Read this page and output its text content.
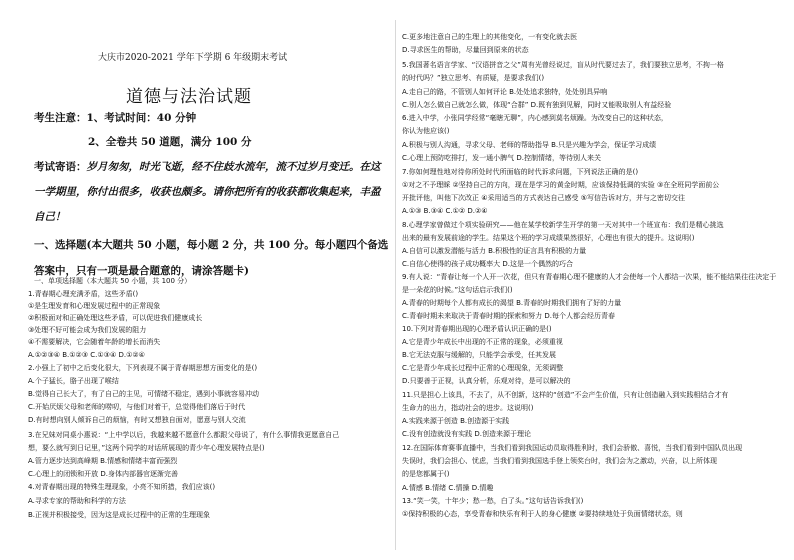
大庆市2020-2021 学年下学期 6 年级期末考试
道德与法治试题
考生注意：1、考试时间：40 分钟
2、全卷共 50 道题，满分 100 分
考试寄语：岁月匆匆，时光飞逝，经不住歧水流年，流不过岁月变迁。在这一学期里，你付出很多，收获也颇多。请你把所有的收获都收集起来，丰盈自己！
一、选择题(本大题共 50 小题，每小题 2 分，共 100 分。每小题四个备选答案中，只有一项是最合题意的，请涂答题卡)
一、单项选择题（本大题共 50 小题，共 100 分）
1.青春期心理充满矛盾，这些矛盾()
①是生理发育和心理发展过程中的正常现象
②积极面对和正确处理这些矛盾，可以促进我们健康成长
③处理不好可能会成为我们发展的阻力
④不需要解决，它会随着年龄的增长而消失
A.①②③④ B.①②③ C.①③④ D.①②④
2.小强上了初中之后变化很大，下列表现不属于青春期思想方面变化的是()
A.个子猛长，胳子出现了喉结
B.觉得自己长大了，有了自己的主见，可情绪不稳定，遇到小事就容易冲动
C.开始厌烦父母和老师的唠叨，与他们对着干，总觉得他们落后于时代
D.有时想向别人倾诉自己的烦恼，有时又想独自面对，愿意与别人交流
3.在兄妹对同桌小惠说：“上中学以后，我越来越不愿意什么都跟父母说了，有什么事情我更愿意自己
想，要么就写到日记里，”这两个同学的对话所展现的青少年心理发展特点是()
A.管力逐步达到高峰期 B.情感和情绪丰富而强烈
C.心理上的闭锁和开放 D.身体内部器官逐渐完善
4.对青春期出现的特殊生理现象，小亮不知所措，我们应该()
A.寻求专家的帮助和科学的方法
B.正视并积极接受，因为这是成长过程中的正常的生理现象
C.更多地注意自己的生理上的其他变化，一有变化就去医
D.寻求医生的帮助，尽量回到原来的状态
5.我国著名语言学家、“汉语拼音之父”周有光曾经说过，盲从时代要过去了，我们要独立思考，不拘一格
的时代吗？”独立思考、有质疑，是要求我们()
A.走自己的路，不管别人如何评论 B.处处追求独特，处处别具异响
C.别人怎么做自己就怎么做，体现“合群” D.既有独到见解，同时又能吸取别人有益经验
6.进入中学，小张同学经常“毫瞎无聊”，内心感到莫名烦躁。为改变自己的这种状态，
你认为他应该()
A.积极与别人沟通，寻求父母、老师的帮助指导 B.只是兴趣为学会，保证学习成绩
C.心理上预防吃排打，发一通小脾气 D.控制情绪，等待别人来关
7.你如何理性地对待你所处时代所面临的时代诉求问题，下列说法正确的是()
①对之不予理睬 ②坚持自己的方向，现在是学习的黄金时期，应该保持低调的实验 ③在全班同学面前公
开批评他，叫他下次改正 ④采用适当的方式表达自己感受 ⑤写信告诉对方，并与之密切交往
A.①③ B.③④ C.①② D.②④
8.心理学家曾做过个项实验研究——他在某学校新学生开学的第一天对其中一个班宣布：我们是精心挑选
出来的最有发展前途的学生。结果这个班的学习成绩果然很好，心理也有很大的提升。这说明()
A.自信可以激发潜能与活力 B.积极性的证言具有积极的力量
C.自信心使得的孩子成功概率大 D.这是一个偶然的巧合
9.有人说：“青春让每一个人开一次花，但只有青春期心理不健康的人才会使每一个人都结一次果，能不能结果往往决定于
是一朵花的时候。”这句话启示我们()
A.青春的时期每个人都有成长的渴望 B.青春的时期我们拥有了好的力量
C.青春时期未来取决于青春时期的探索和努力 D.每个人都会经历青春
10.下列对青春期出现的心理矛盾认识正确的是()
A.它是青少年成长中出现的不正常的现象，必须重视
B.它无法克服与缓解的，只能学会承受，任其发展
C.它是青少年成长过程中正常的心理现象，无须调整
D.只要善于正视，认真分析，乐观对待，是可以解决的
11.只是担心上该具，不去了，从不创新，这样的“创造”不会产生价值，只有让创造融入到实践相结合才有
生命力的出力，指动社会的进步。这说明()
A.实践来源于创造 B.创造源于实践
C.没有创造就没有实践 D.创造来源于理论
12.在国际体育赛事直播中，当我们看到我国运动员取得胜利时，我们会骄傲、喜悦，当我们看到中国队员出现
失误时，我们会担心、忧虑，当我们看到我国选手登上领奖台时，我们会为之激动，兴奋，以上所体现
的是您都属于()
A.情感 B.情绪 C.情操 D.情趣
13.“笑一笑，十年少；愁一愁，白了头。”这句话告诉我们()
①保持积极的心态，享受青春和快乐有利于人的身心健康 ②要持续地处于负面情绪状态，则
